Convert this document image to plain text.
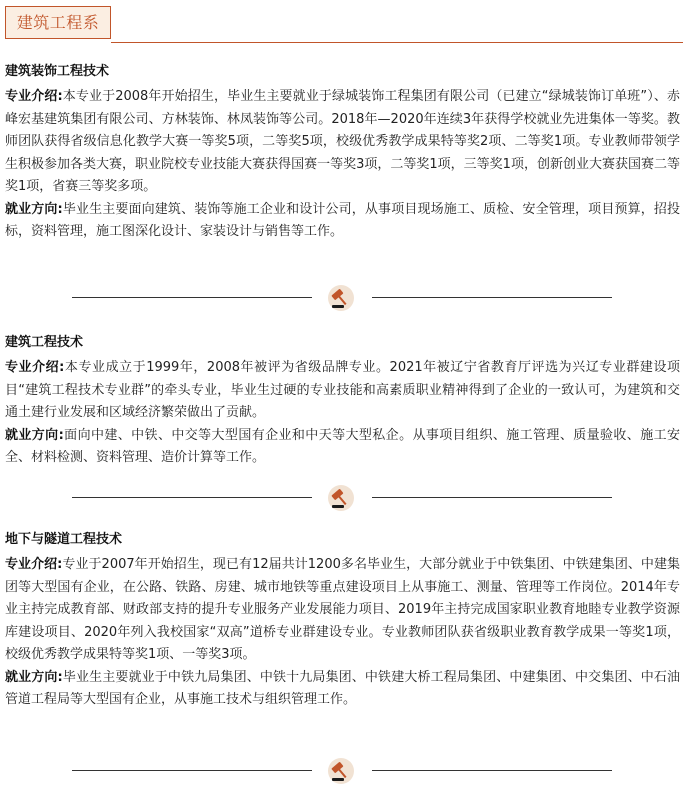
建筑工程系
建筑装饰工程技术

专业介绍:本专业于2008年开始招生，毕业生主要就业于绿城装饰工程集团有限公司（已建立“绿城装饰订单班”）、赤峰宏基建筑集团有限公司、方林装饰、林凤装饰等公司。2018年—2020年连续3年获得学校就业先进集体一等奖。教师团队获得省级信息化教学大赛一等奖5项，二等奖5项，校级优秀教学成果特等奖2项、二等奖1项。专业教师带领学生积极参加各类大赛，职业院校专业技能大赛获得国赛一等奖3项，二等奖1项，三等奖1项，创新创业大赛获国赛二等奖1项，省赛三等奖多项。

就业方向:毕业生主要面向建筑、装饰等施工企业和设计公司，从事项目现场施工、质检、安全管理，项目预算，招投标，资料管理，施工图深化设计、家装设计与销售等工作。

建筑工程技术

专业介绍:本专业成立于1999年，2008年被评为省级品牌专业。2021年被辽宁省教育厅评选为兴辽专业群建设项目“建筑工程技术专业群”的牵头专业，毕业生过硬的专业技能和高素质职业精神得到了企业的一致认可，为建筑和交通土建行业发展和区域经济繁荣做出了贡献。

就业方向:面向中建、中铁、中交等大型国有企业和中天等大型私企。从事项目组织、施工管理、质量验收、施工安全、材料检测、资料管理、造价计算等工作。

地下与隧道工程技术

专业介绍:专业于2007年开始招生，现已有12届共计1200多名毕业生，大部分就业于中铁集团、中铁建集团、中建集团等大型国有企业，在公路、铁路、房建、城市地铁等重点建设项目上从事施工、测量、管理等工作岗位。2014年专业主持完成教育部、财政部支持的提升专业服务产业发展能力项目、2019年主持完成国家职业教育地睦专业教学资源库建设项目、2020年列入我校国家“双高”道桥专业群建设专业。专业教师团队获省级职业教育教学成果一等奖1项，校级优秀教学成果特等奖1项、一等奖3项。

就业方向:毕业生主要就业于中铁九局集团、中铁十九局集团、中铁建大桥工程局集团、中建集团、中交集团、中石油管道工程局等大型国有企业，从事施工技术与组织管理工作。
